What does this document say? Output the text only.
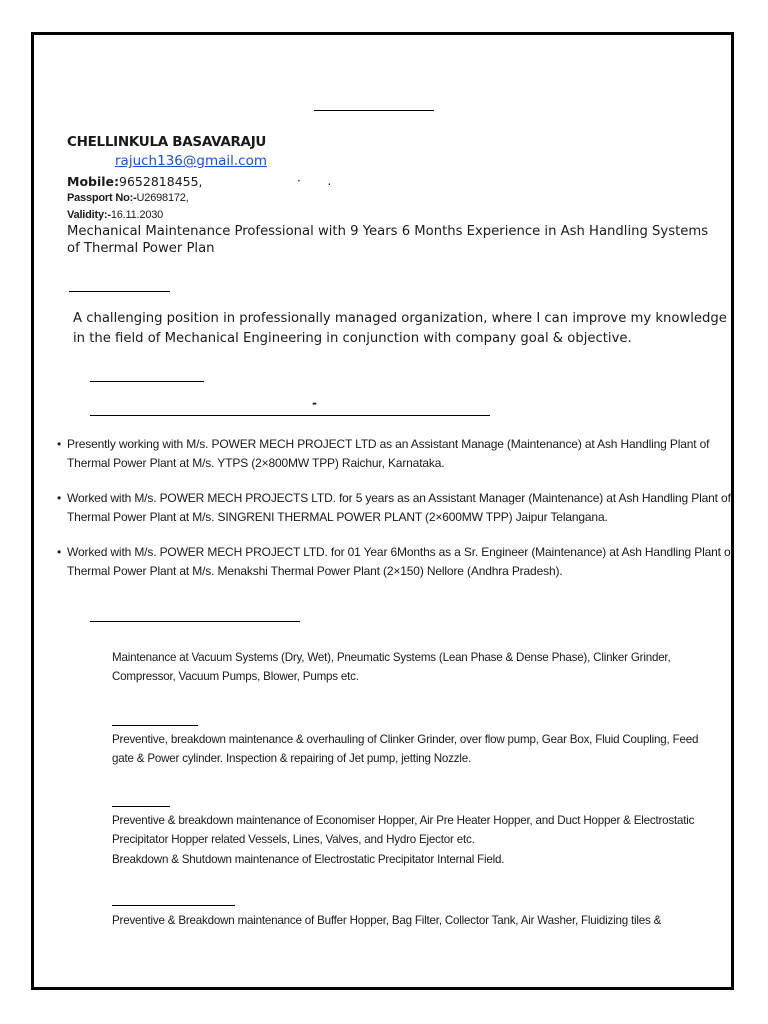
CHELLINKULA BASAVARAJU
rajuch136@gmail.com
Mobile:9652818455,	·       .
Passport No:-U2698172,
Validity:-16.11.2030
Mechanical Maintenance Professional with 9 Years 6 Months Experience in Ash Handling Systems of Thermal Power Plan
A challenging position in professionally managed organization, where I can improve my knowledge in the field of Mechanical Engineering in conjunction with company goal & objective.
-
• Presently working with M/s. POWER MECH PROJECT LTD as an Assistant Manage (Maintenance) at Ash Handling Plant of Thermal Power Plant at M/s. YTPS (2×800MW TPP) Raichur, Karnataka.
• Worked with M/s. POWER MECH PROJECTS LTD. for 5 years as an Assistant Manager (Maintenance) at Ash Handling Plant of Thermal Power Plant at M/s. SINGRENI THERMAL POWER PLANT (2×600MW TPP) Jaipur Telangana.
• Worked with M/s. POWER MECH PROJECT LTD. for 01 Year 6Months as a Sr. Engineer (Maintenance) at Ash Handling Plant of Thermal Power Plant at M/s. Menakshi Thermal Power Plant (2×150) Nellore (Andhra Pradesh).
Maintenance at Vacuum Systems (Dry, Wet), Pneumatic Systems (Lean Phase & Dense Phase), Clinker Grinder, Compressor, Vacuum Pumps, Blower, Pumps etc.
Preventive, breakdown maintenance & overhauling of Clinker Grinder, over flow pump, Gear Box, Fluid Coupling, Feed gate & Power cylinder. Inspection & repairing of Jet pump, jetting Nozzle.
Preventive & breakdown maintenance of Economiser Hopper, Air Pre Heater Hopper, and Duct Hopper & Electrostatic Precipitator Hopper related Vessels, Lines, Valves, and Hydro Ejector etc.
Breakdown & Shutdown maintenance of Electrostatic Precipitator Internal Field.
Preventive & Breakdown maintenance of Buffer Hopper, Bag Filter, Collector Tank, Air Washer, Fluidizing tiles &
